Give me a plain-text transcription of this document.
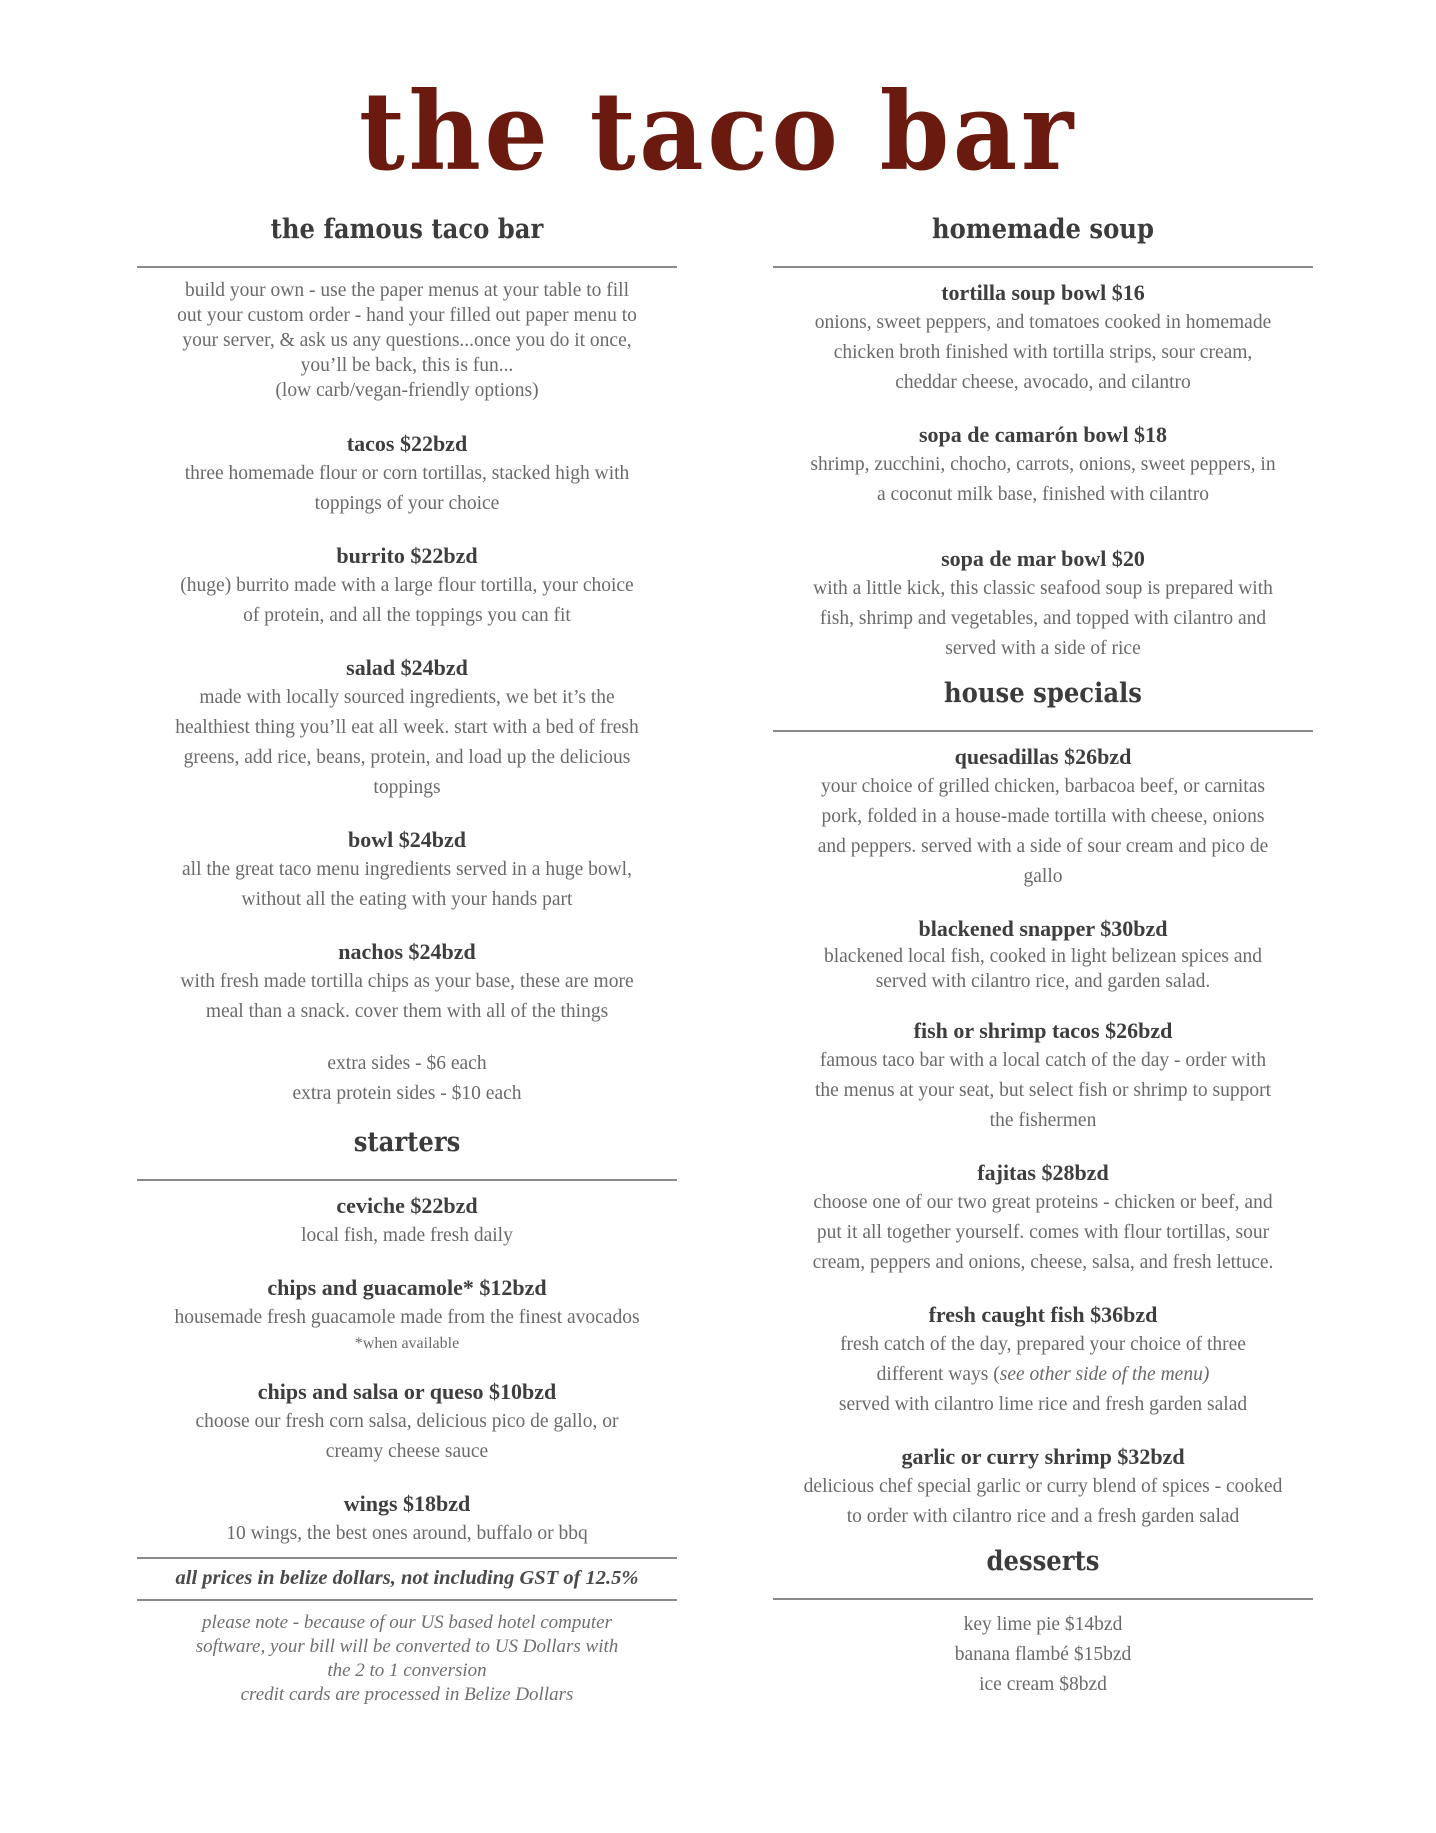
the taco bar
the famous taco bar
build your own - use the paper menus at your table to fill
out your custom order - hand your filled out paper menu to
your server, & ask us any questions...once you do it once,
you’ll be back, this is fun...
(low carb/vegan-friendly options)
tacos $22bzd
three homemade flour or corn tortillas, stacked high with
toppings of your choice
burrito $22bzd
(huge) burrito made with a large flour tortilla, your choice
of protein, and all the toppings you can fit
salad $24bzd
made with locally sourced ingredients, we bet it’s the
healthiest thing you’ll eat all week. start with a bed of fresh
greens, add rice, beans, protein, and load up the delicious
toppings
bowl $24bzd
all the great taco menu ingredients served in a huge bowl,
without all the eating with your hands part
nachos $24bzd
with fresh made tortilla chips as your base, these are more
meal than a snack. cover them with all of the things
extra sides - $6 each
extra protein sides - $10 each
starters
ceviche $22bzd
local fish, made fresh daily
chips and guacamole* $12bzd
housemade fresh guacamole made from the finest avocados
*when available
chips and salsa or queso $10bzd
choose our fresh corn salsa, delicious pico de gallo, or
creamy cheese sauce
wings $18bzd
10 wings, the best ones around, buffalo or bbq
all prices in belize dollars, not including GST of 12.5%
please note - because of our US based hotel computer
software, your bill will be converted to US Dollars with
the 2 to 1 conversion
credit cards are processed in Belize Dollars
homemade soup
tortilla soup bowl $16
onions, sweet peppers, and tomatoes cooked in homemade
chicken broth finished with tortilla strips, sour cream,
cheddar cheese, avocado, and cilantro
sopa de camarón bowl $18
shrimp, zucchini, chocho, carrots, onions, sweet peppers, in
a coconut milk base, finished with cilantro
sopa de mar bowl $20
with a little kick, this classic seafood soup is prepared with
fish, shrimp and vegetables, and topped with cilantro and
served with a side of rice
house specials
quesadillas $26bzd
your choice of grilled chicken, barbacoa beef, or carnitas
pork, folded in a house-made tortilla with cheese, onions
and peppers. served with a side of sour cream and pico de
gallo
blackened snapper $30bzd
blackened local fish, cooked in light belizean spices and
served with cilantro rice, and garden salad.
fish or shrimp tacos $26bzd
famous taco bar with a local catch of the day - order with
the menus at your seat, but select fish or shrimp to support
the fishermen
fajitas $28bzd
choose one of our two great proteins - chicken or beef, and
put it all together yourself. comes with flour tortillas, sour
cream, peppers and onions, cheese, salsa, and fresh lettuce.
fresh caught fish $36bzd
fresh catch of the day, prepared your choice of three
different ways (see other side of the menu)
served with cilantro lime rice and fresh garden salad
garlic or curry shrimp $32bzd
delicious chef special garlic or curry blend of spices - cooked
to order with cilantro rice and a fresh garden salad
desserts
key lime pie $14bzd
banana flambé $15bzd
ice cream $8bzd
